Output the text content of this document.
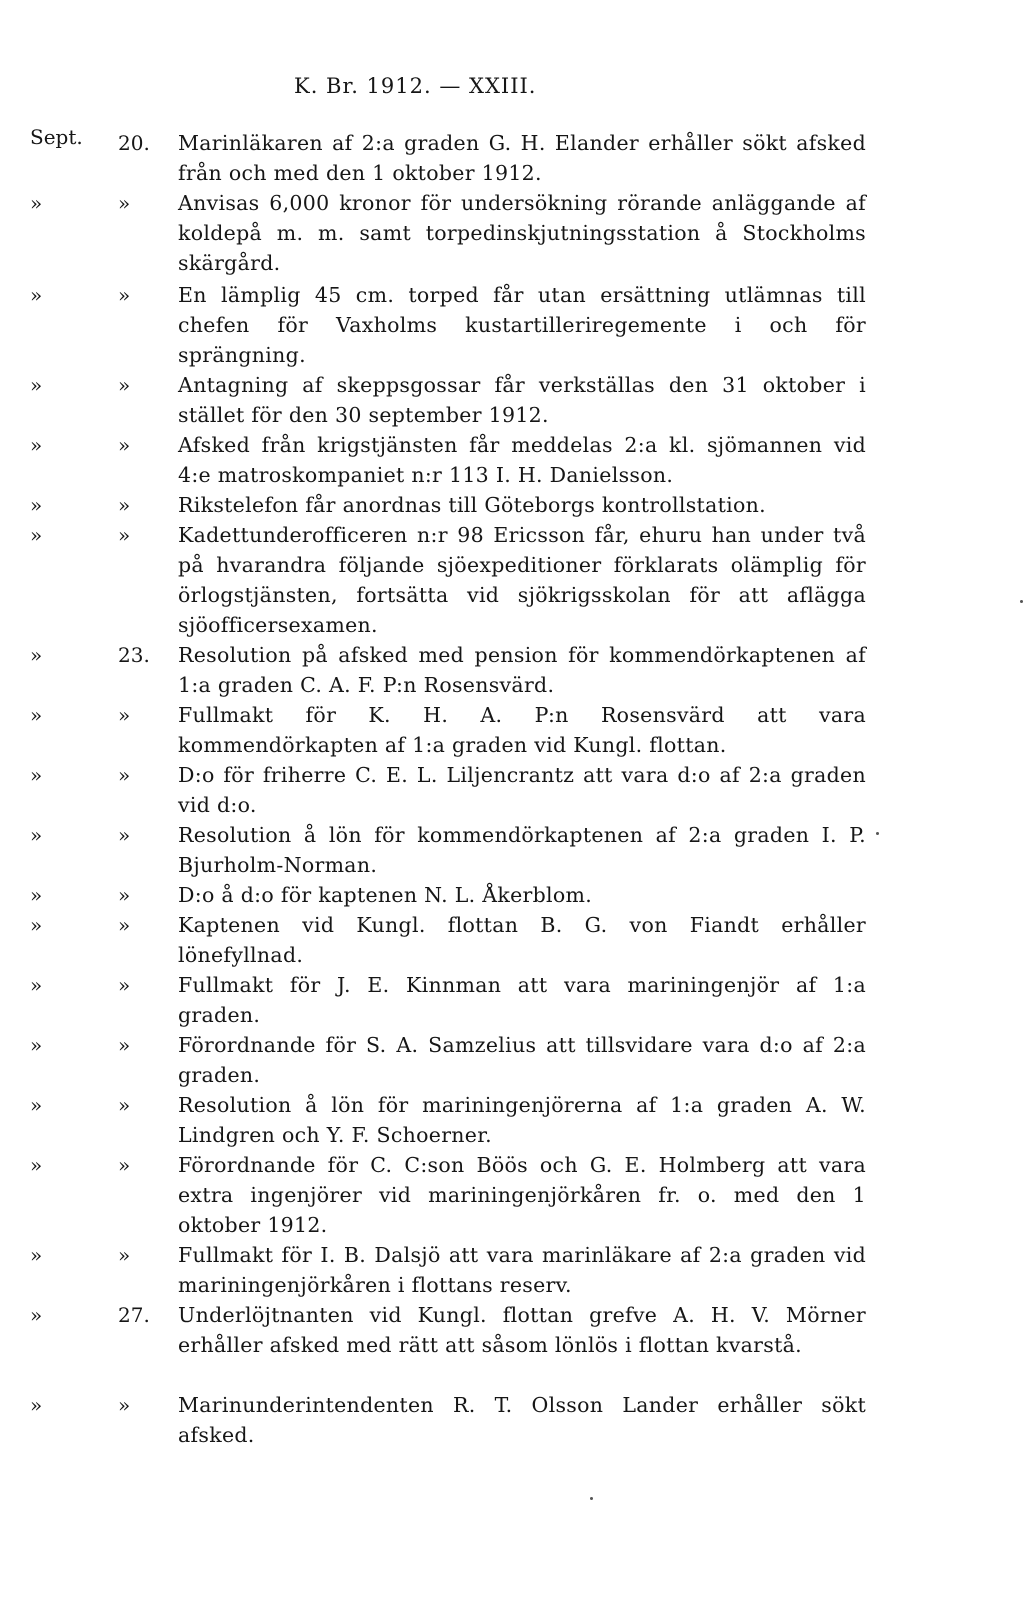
K. Br. 1912. — XXIII.
Sept. 20.	Marinläkaren af 2:a graden G. H. Elander erhåller sökt afsked från och med den 1 oktober 1912.
»	»	Anvisas 6,000 kronor för undersökning rörande anläggande af koldepå m. m. samt torpedinskjutningsstation å Stockholms skärgård.
»	»	En lämplig 45 cm. torped får utan ersättning utlämnas till chefen för Vaxholms kustartilleriregemente i och för sprängning.
»	»	Antagning af skeppsgossar får verkställas den 31 oktober i stället för den 30 september 1912.
»	»	Afsked från krigstjänsten får meddelas 2:a kl. sjömannen vid 4:e matroskompaniet n:r 113 I. H. Danielsson.
»	»	Rikstelefon får anordnas till Göteborgs kontrollstation.
»	»	Kadettunderofficeren n:r 98 Ericsson får, ehuru han under två på hvarandra följande sjöexpeditioner förklarats olämplig för örlogstjänsten, fortsätta vid sjökrigsskolan för att aflägga sjöofficersexamen.
»	23.	Resolution på afsked med pension för kommendörkaptenen af 1:a graden C. A. F. P:n Rosensvärd.
»	»	Fullmakt för K. H. A. P:n Rosensvärd att vara kommendörkapten af 1:a graden vid Kungl. flottan.
»	»	D:o för friherre C. E. L. Liljencrantz att vara d:o af 2:a graden vid d:o.
»	»	Resolution å lön för kommendörkaptenen af 2:a graden I. P. Bjurholm-Norman.
»	»	D:o å d:o för kaptenen N. L. Åkerblom.
»	»	Kaptenen vid Kungl. flottan B. G. von Fiandt erhåller lönefyllnad.
»	»	Fullmakt för J. E. Kinnman att vara mariningenjör af 1:a graden.
»	»	Förordnande för S. A. Samzelius att tillsvidare vara d:o af 2:a graden.
»	»	Resolution å lön för mariningenjörerna af 1:a graden A. W. Lindgren och Y. F. Schoerner.
»	»	Förordnande för C. C:son Böös och G. E. Holmberg att vara extra ingenjörer vid mariningenjörkåren fr. o. med den 1 oktober 1912.
»	»	Fullmakt för I. B. Dalsjö att vara marinläkare af 2:a graden vid mariningenjörkåren i flottans reserv.
»	27.	Underlöjtnanten vid Kungl. flottan grefve A. H. V. Mörner erhåller afsked med rätt att såsom lönlös i flottan kvarstå.
»	»	Marinunderintendenten R. T. Olsson Lander erhåller sökt afsked.
